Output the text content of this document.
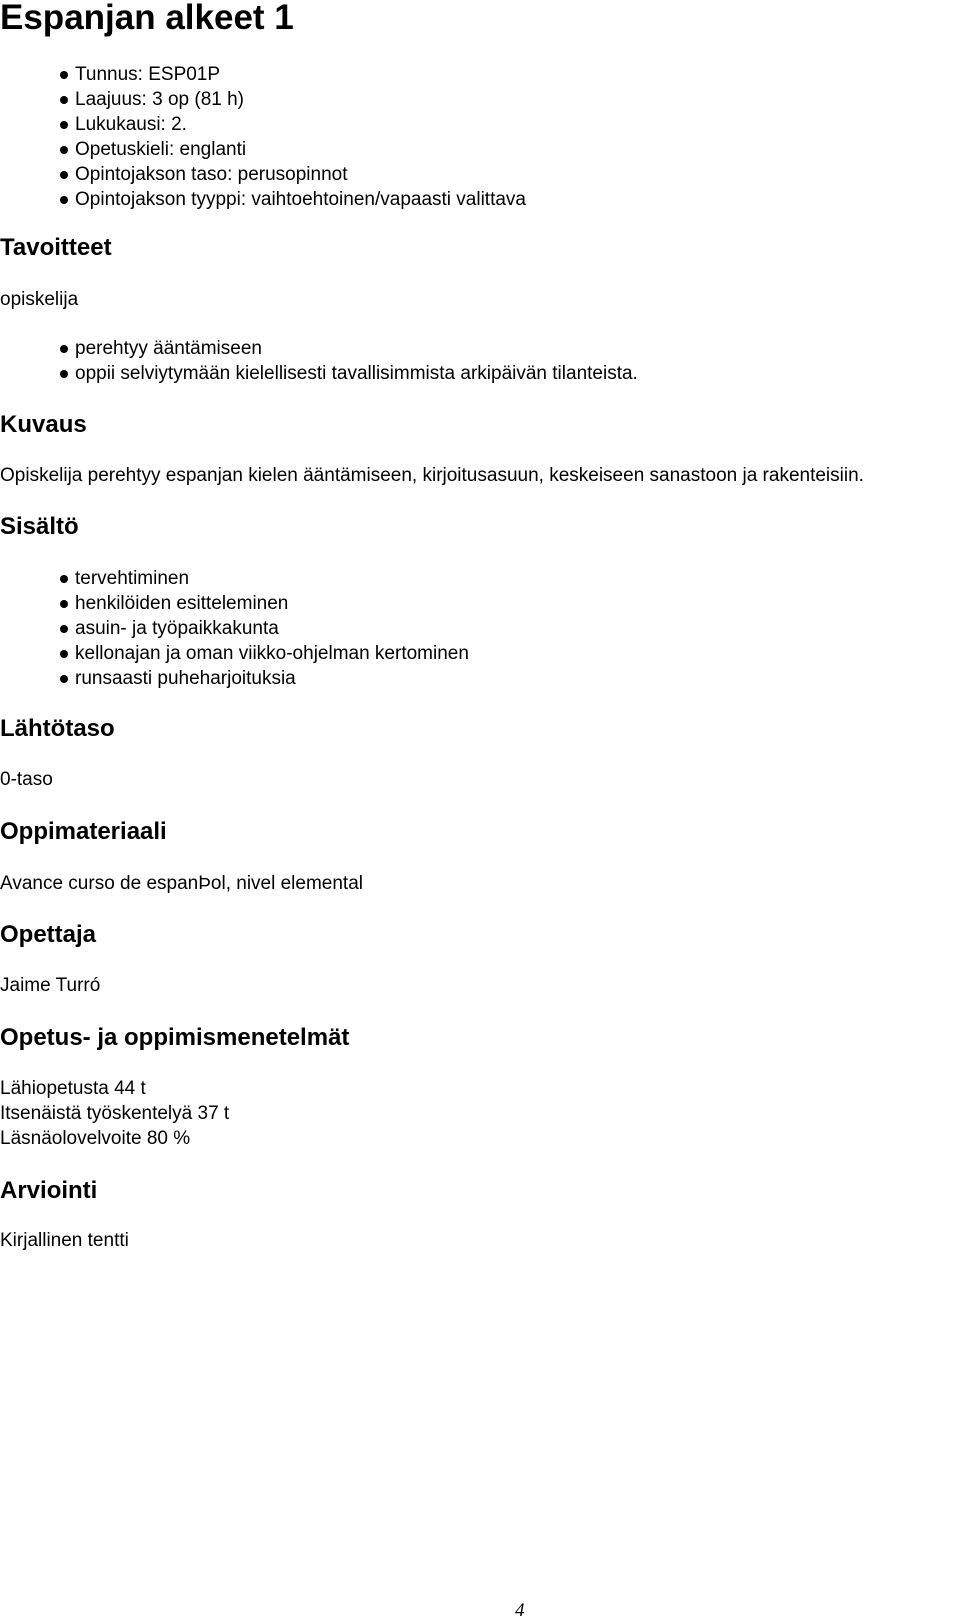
Espanjan alkeet 1
Tunnus: ESP01P
Laajuus: 3 op (81 h)
Lukukausi: 2.
Opetuskieli: englanti
Opintojakson taso: perusopinnot
Opintojakson tyyppi: vaihtoehtoinen/vapaasti valittava
Tavoitteet

opiskelija

perehtyy ääntämiseen
oppii selviytymään kielellisesti tavallisimmista arkipäivän tilanteista.
Kuvaus

Opiskelija perehtyy espanjan kielen ääntämiseen, kirjoitusasuun, keskeiseen sanastoon ja rakenteisiin.

Sisältö
tervehtiminen
henkilöiden esitteleminen
asuin- ja työpaikkakunta
kellonajan ja oman viikko-ohjelman kertominen
runsaasti puheharjoituksia
Lähtötaso

0-taso

Oppimateriaali

Avance curso de espanÞol, nivel elemental

Opettaja

Jaime Turró

Opetus- ja oppimismenetelmät
Lähiopetusta 44 t
Itsenäistä työskentelyä 37 t
Läsnäolovelvoite 80 %
Arviointi

Kirjallinen tentti

4
